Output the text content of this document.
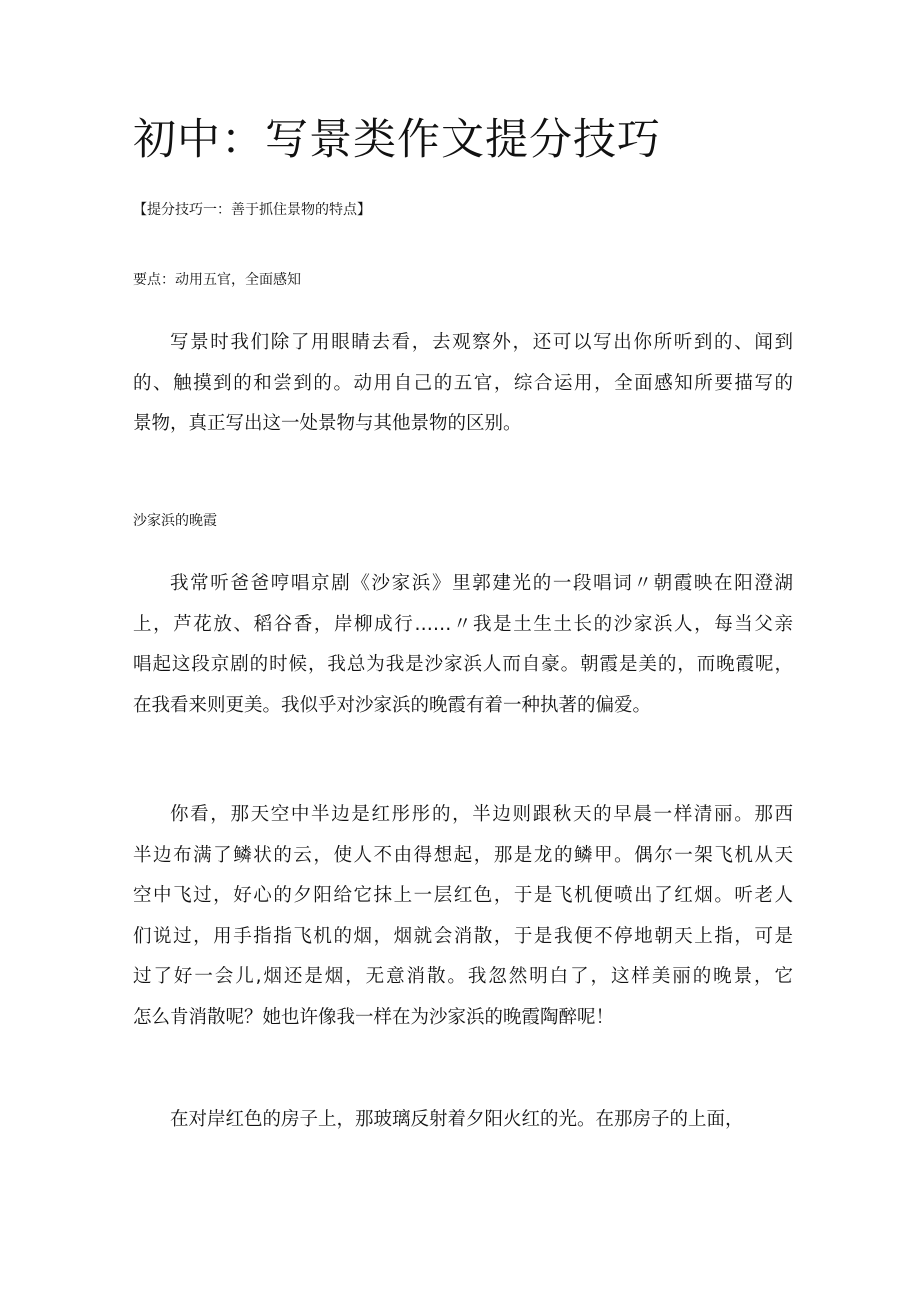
初中：写景类作文提分技巧

【提分技巧一：善于抓住景物的特点】

要点：动用五官，全面感知

写景时我们除了用眼睛去看，去观察外，还可以写出你所听到的、闻到
的、触摸到的和尝到的。动用自己的五官，综合运用，全面感知所要描写的
景物，真正写出这一处景物与其他景物的区别。

沙家浜的晚霞

我常听爸爸哼唱京剧《沙家浜》里郭建光的一段唱词〃朝霞映在阳澄湖
上，芦花放、稻谷香，岸柳成行……〃我是土生土长的沙家浜人，每当父亲
唱起这段京剧的时候，我总为我是沙家浜人而自豪。朝霞是美的，而晚霞呢，
在我看来则更美。我似乎对沙家浜的晚霞有着一种执著的偏爱。
你看，那天空中半边是红彤彤的，半边则跟秋天的早晨一样清丽。那西
半边布满了鳞状的云，使人不由得想起，那是龙的鳞甲。偶尔一架飞机从天
空中飞过，好心的夕阳给它抹上一层红色，于是飞机便喷出了红烟。听老人
们说过，用手指指飞机的烟，烟就会消散，于是我便不停地朝天上指，可是
过了好一会儿,烟还是烟，无意消散。我忽然明白了，这样美丽的晚景，它
怎么肯消散呢？她也许像我一样在为沙家浜的晚霞陶醉呢！
在对岸红色的房子上，那玻璃反射着夕阳火红的光。在那房子的上面，
